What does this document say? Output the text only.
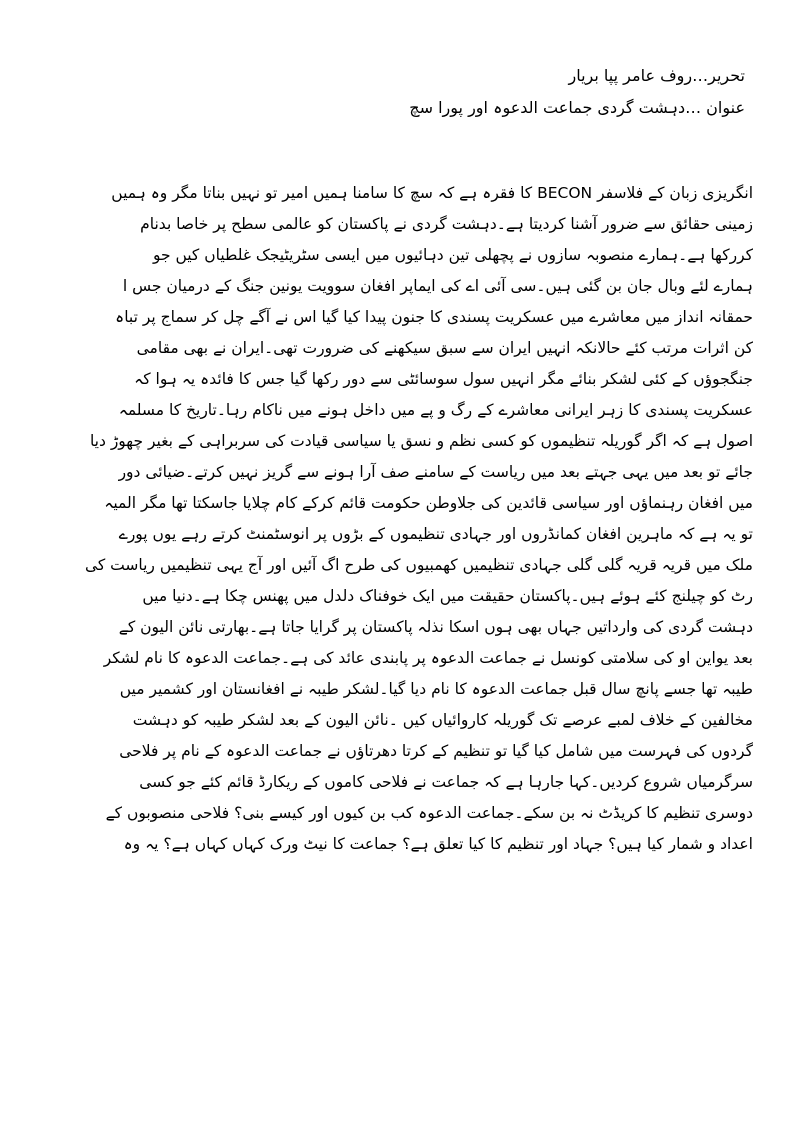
تحریر…روف عامر پپا بریار
عنوان …دہشت گردی جماعت الدعوہ اور پورا سچ
انگریزی زبان کے فلاسفر BECON کا فقرہ ہے کہ سچ کا سامنا ہمیں امیر تو نہیں بناتا مگر وہ ہمیں
زمینی حقائق سے ضرور آشنا کردیتا ہے۔دہشت گردی نے پاکستان کو عالمی سطح پر خاصا بدنام
کررکھا ہے۔ہمارے منصوبہ سازوں نے پچھلی تین دہائیوں میں ایسی سٹریٹیجک غلطیاں کیں جو
ہمارے لئے وبال جان بن گئی ہیں۔سی آئی اے کی ایماپر افغان سوویت یونین جنگ کے درمیان جس ا
حمقانہ انداز میں معاشرے میں عسکریت پسندی کا جنون پیدا کیا گیا اس نے آگے چل کر سماج پر تباہ
کن اثرات مرتب کئے حالانکہ انہیں ایران سے سبق سیکھنے کی ضرورت تھی۔ایران نے بھی مقامی
جنگجوؤں کے کئی لشکر بنائے مگر انہیں سول سوسائٹی سے دور رکھا گیا جس کا فائدہ یہ ہوا کہ
عسکریت پسندی کا زہر ایرانی معاشرے کے رگ و پے میں داخل ہونے میں ناکام رہا۔تاریخ کا مسلمہ
اصول ہے کہ اگر گوریلہ تنظیموں کو کسی نظم و نسق یا سیاسی قیادت کی سربراہی کے بغیر چھوڑ دیا
جائے تو بعد میں یہی جہتے بعد میں ریاست کے سامنے صف آرا ہونے سے گریز نہیں کرتے۔ضیائی دور
میں افغان رہنماؤں اور سیاسی قائدین کی جلاوطن حکومت قائم کرکے کام چلایا جاسکتا تھا مگر المیہ
تو یہ ہے کہ ماہرین افغان کمانڈروں اور جہادی تنظیموں کے بڑوں پر انوسٹمنٹ کرتے رہے یوں پورے
ملک میں قریہ قریہ گلی گلی جہادی تنظیمیں کھمبیوں کی طرح اگ آئیں اور آج یہی تنظیمیں ریاست کی
رٹ کو چیلنج کئے ہوئے ہیں۔پاکستان حقیقت میں ایک خوفناک دلدل میں پھنس چکا ہے۔دنیا میں
دہشت گردی کی وارداتیں جہاں بھی ہوں اسکا نذلہ پاکستان پر گرایا جاتا ہے۔بھارتی نائن الیون کے
بعد یواین او کی سلامتی کونسل نے جماعت الدعوہ پر پابندی عائد کی ہے۔جماعت الدعوہ کا نام لشکر
طیبہ تھا جسے پانچ سال قبل جماعت الدعوہ کا نام دیا گیا۔لشکر طیبہ نے افغانستان اور کشمیر میں
مخالفین کے خلاف لمبے عرصے تک گوریلہ کاروائیاں کیں ۔نائن الیون کے بعد لشکر طیبہ کو دہشت
گردوں کی فہرست میں شامل کیا گیا تو تنظیم کے کرتا دھرتاؤں نے جماعت الدعوہ کے نام پر فلاحی
سرگرمیاں شروع کردیں۔کہا جارہا ہے کہ جماعت نے فلاحی کاموں کے ریکارڈ قائم کئے جو کسی
دوسری تنظیم کا کریڈٹ نہ بن سکے۔جماعت الدعوہ کب بن کیوں اور کیسے بنی؟ فلاحی منصوبوں کے
اعداد و شمار کیا ہیں؟ جہاد اور تنظیم کا کیا تعلق ہے؟ جماعت کا نیٹ ورک کہاں کہاں ہے؟ یہ وہ
